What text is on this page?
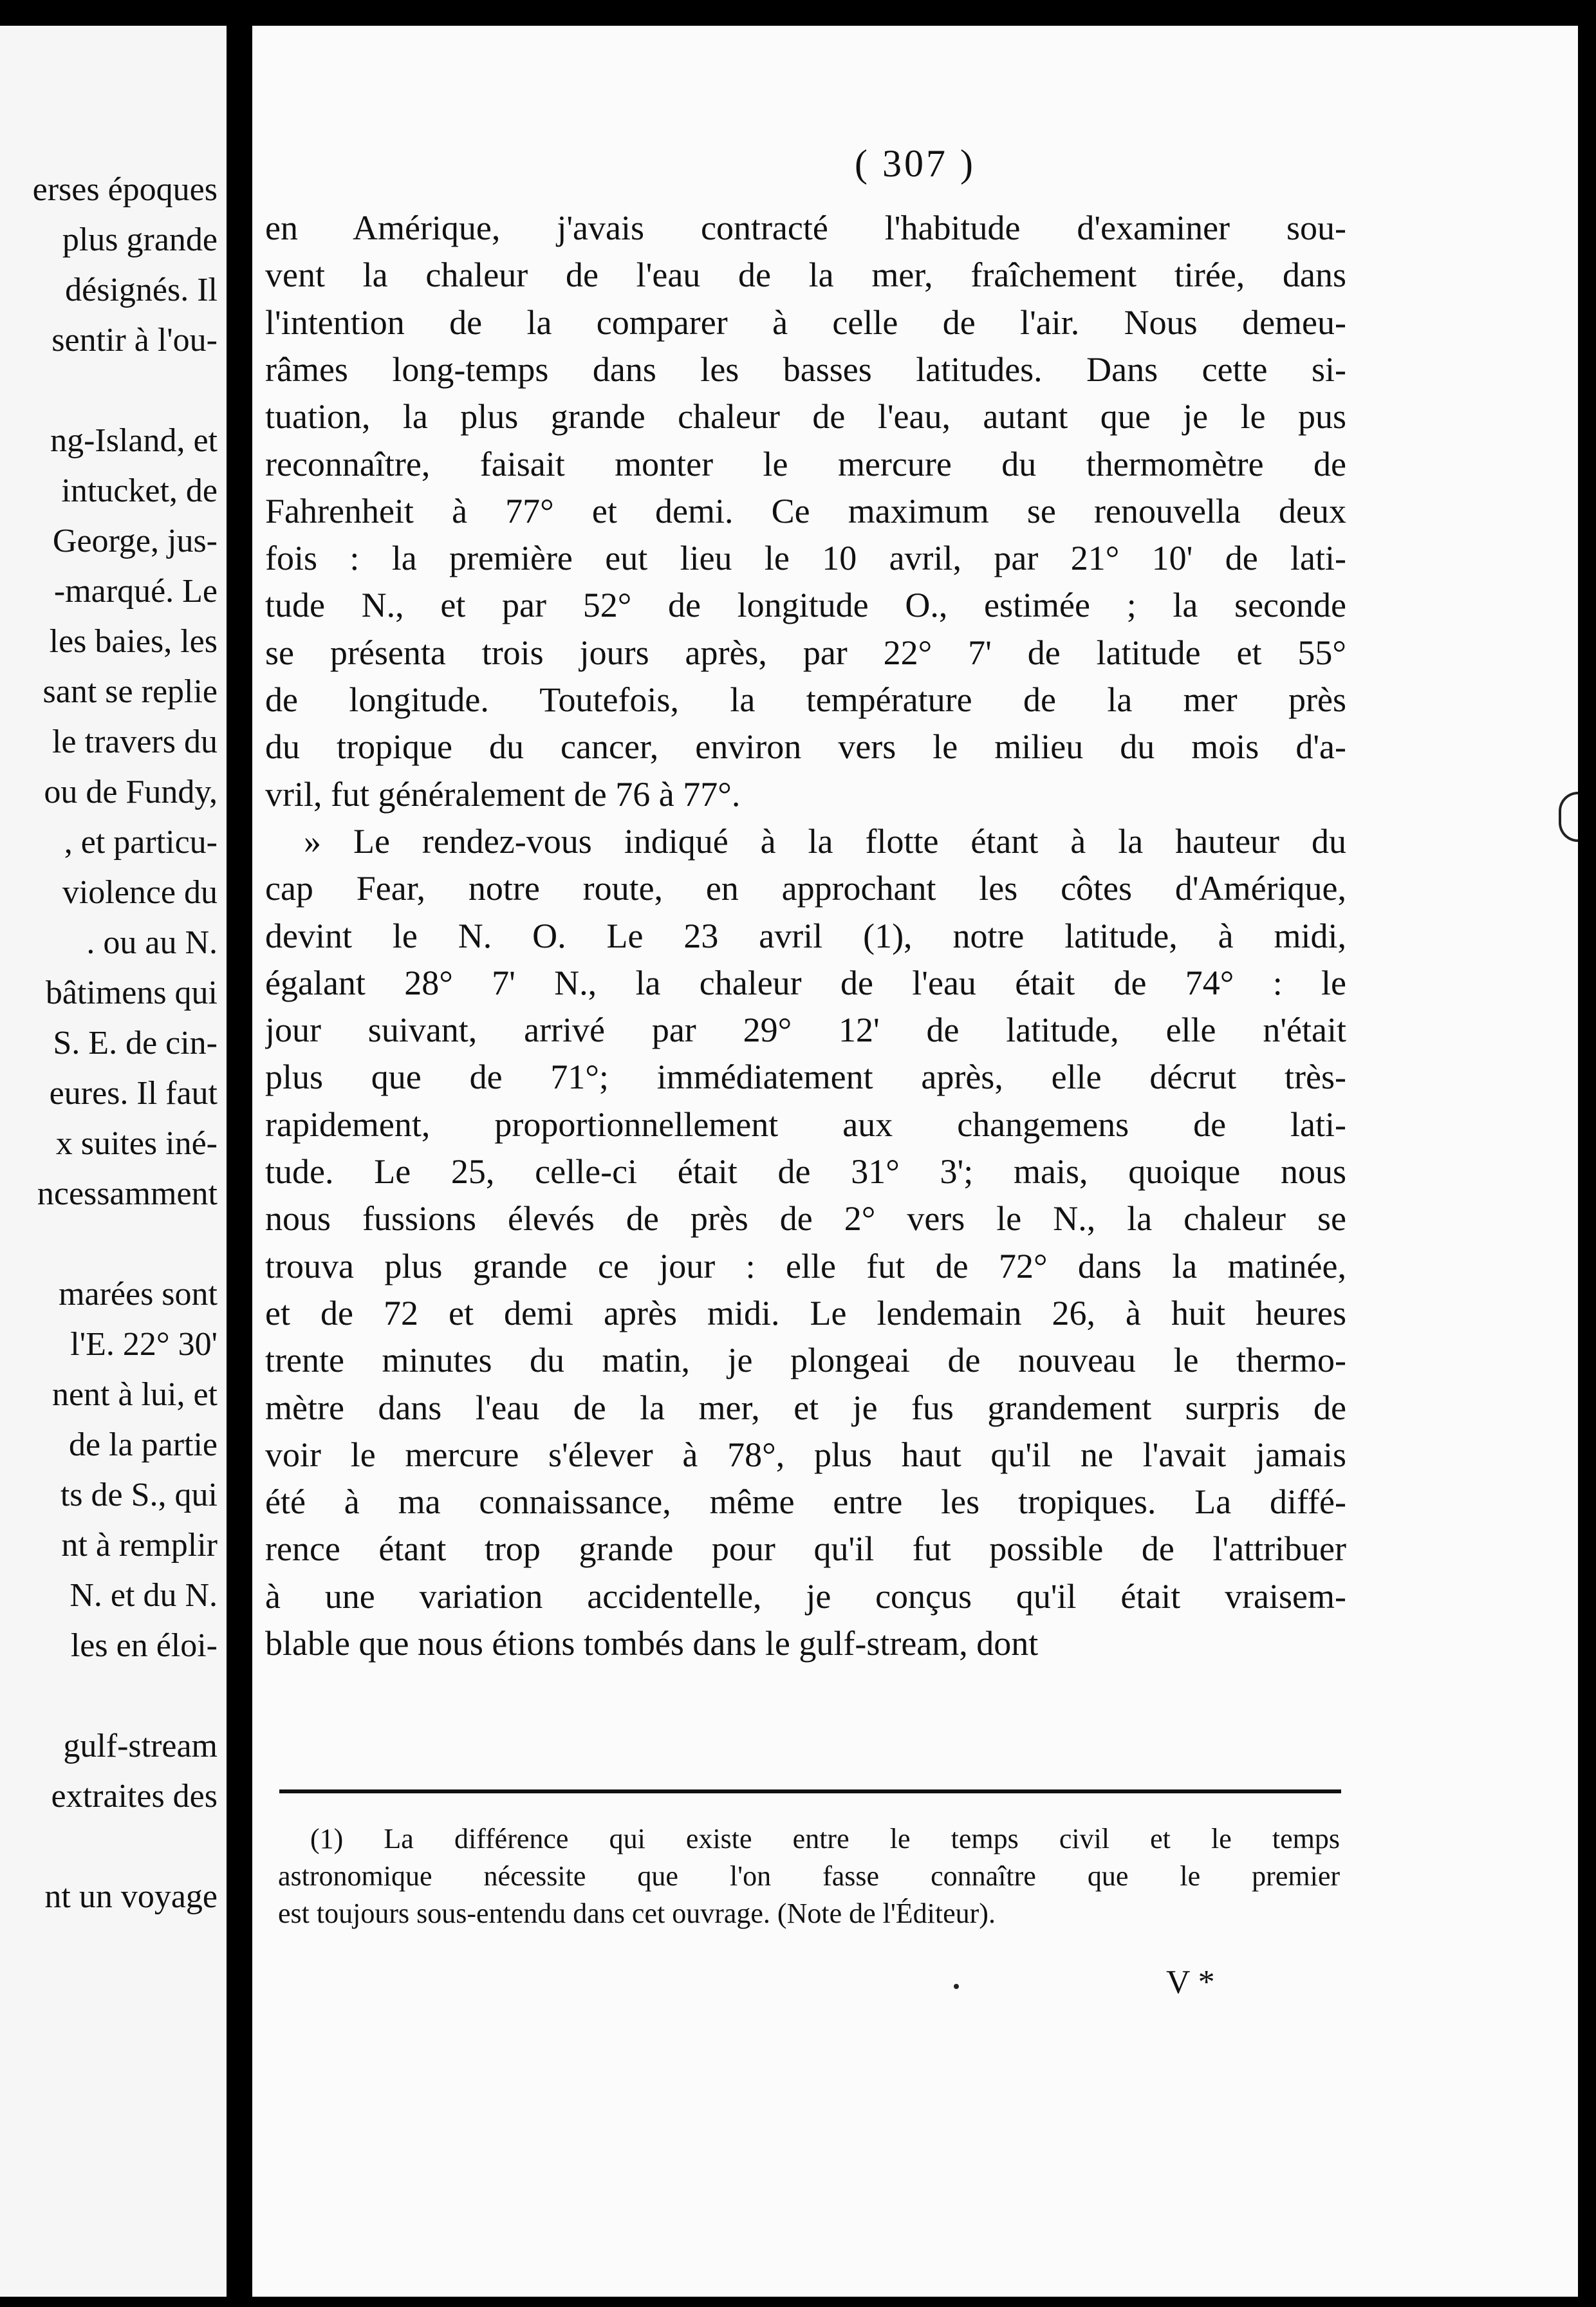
erses époques
plus grande
désignés. Il
sentir à l'ou-
ng-Island, et
intucket, de
George, jus-
-marqué. Le
les baies, les
sant se replie
le travers du
ou de Fundy,
, et particu-
violence du
. ou au N.
bâtimens qui
S. E. de cin-
eures. Il faut
x suites iné-
ncessamment
marées sont
l'E. 22° 30'
nent à lui, et
de la partie
ts de S., qui
nt à remplir
N. et du N.
les en éloi-
gulf-stream
extraites des
nt un voyage
( 307 )
V *
en Amérique, j'avais contracté l'habitude d'examiner sou-
vent la chaleur de l'eau de la mer, fraîchement tirée, dans
l'intention de la comparer à celle de l'air. Nous demeu-
râmes long-temps dans les basses latitudes. Dans cette si-
tuation, la plus grande chaleur de l'eau, autant que je le pus
reconnaître, faisait monter le mercure du thermomètre de
Fahrenheit à 77° et demi. Ce maximum se renouvella deux
fois : la première eut lieu le 10 avril, par 21° 10' de lati-
tude N., et par 52° de longitude O., estimée ; la seconde
se présenta trois jours après, par 22° 7' de latitude et 55°
de longitude. Toutefois, la température de la mer près
du tropique du cancer, environ vers le milieu du mois d'a-
vril, fut généralement de 76 à 77°.
» Le rendez-vous indiqué à la flotte étant à la hauteur du
cap Fear, notre route, en approchant les côtes d'Amérique,
devint le N. O. Le 23 avril (1), notre latitude, à midi,
égalant 28° 7' N., la chaleur de l'eau était de 74° : le
jour suivant, arrivé par 29° 12' de latitude, elle n'était
plus que de 71°; immédiatement après, elle décrut très-
rapidement, proportionnellement aux changemens de lati-
tude. Le 25, celle-ci était de 31° 3'; mais, quoique nous
nous fussions élevés de près de 2° vers le N., la chaleur se
trouva plus grande ce jour : elle fut de 72° dans la matinée,
et de 72 et demi après midi. Le lendemain 26, à huit heures
trente minutes du matin, je plongeai de nouveau le thermo-
mètre dans l'eau de la mer, et je fus grandement surpris de
voir le mercure s'élever à 78°, plus haut qu'il ne l'avait jamais
été à ma connaissance, même entre les tropiques. La diffé-
rence étant trop grande pour qu'il fut possible de l'attribuer
à une variation accidentelle, je conçus qu'il était vraisem-
blable que nous étions tombés dans le gulf-stream, dont
(1) La différence qui existe entre le temps civil et le temps
astronomique nécessite que l'on fasse connaître que le premier
est toujours sous-entendu dans cet ouvrage. (Note de l'Éditeur).
